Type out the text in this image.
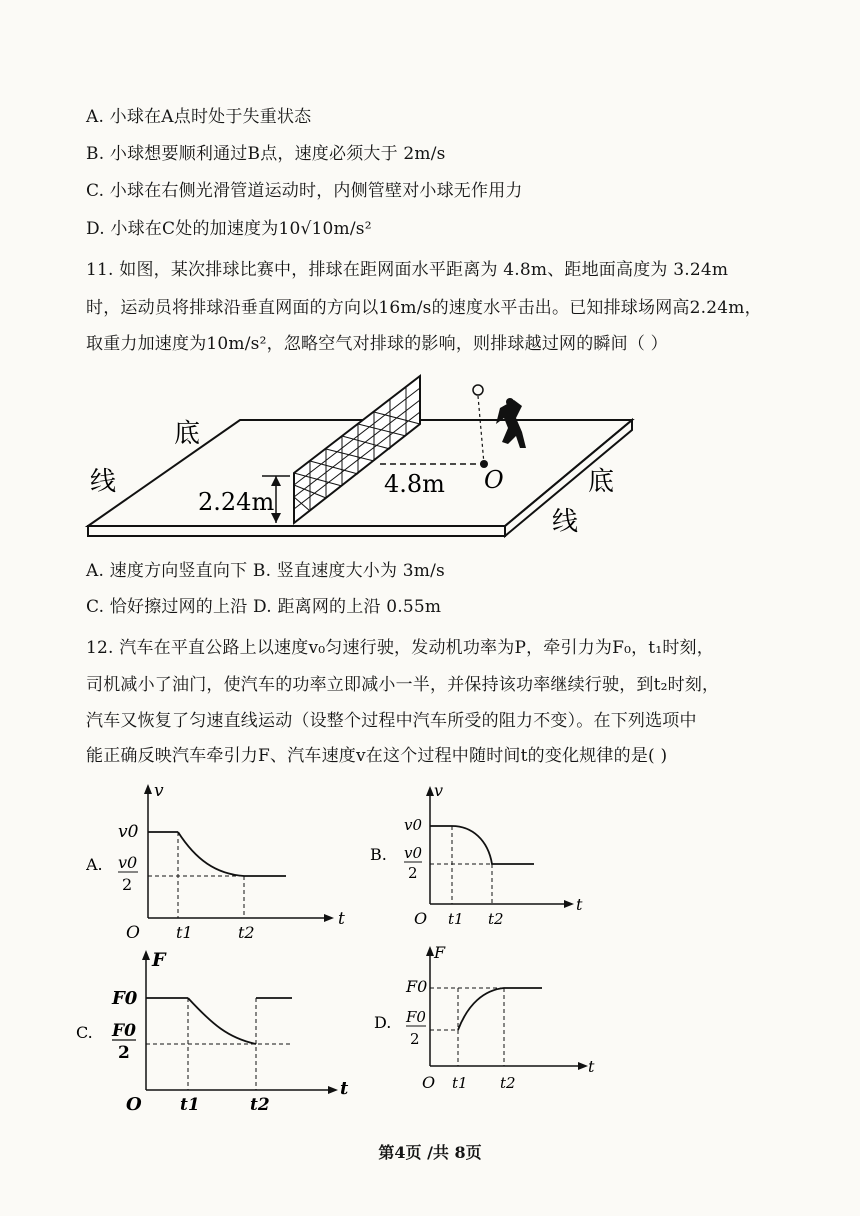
A. 小球在A点时处于失重状态
B. 小球想要顺利通过B点，速度必须大于 2m/s
C. 小球在右侧光滑管道运动时，内侧管壁对小球无作用力
D. 小球在C处的加速度为10√10m/s²
11. 如图，某次排球比赛中，排球在距网面水平距离为 4.8m、距地面高度为 3.24m
时，运动员将排球沿垂直网面的方向以16m/s的速度水平击出。已知排球场网高2.24m，
取重力加速度为10m/s²，忽略空气对排球的影响，则排球越过网的瞬间（ ）
底
线	底
线
2.24m
4.8m O
A. 速度方向竖直向下 B. 竖直速度大小为 3m/s
C. 恰好擦过网的上沿 D. 距离网的上沿 0.55m
12. 汽车在平直公路上以速度v₀匀速行驶，发动机功率为P，牵引力为F₀，t₁时刻，
司机减小了油门，使汽车的功率立即减小一半，并保持该功率继续行驶，到t₂时刻，
汽车又恢复了匀速直线运动（设整个过程中汽车所受的阻力不变）。在下列选项中
能正确反映汽车牵引力F、汽车速度v在这个过程中随时间t的变化规律的是( )
A.
v
t
v0
v0
2
O t1	t2
B.
v
t
v0
v0
2
O t1 t2
C.
F
t
F0
F0
2
O t1	t2
D.
F
t
F0
F0
2
O t1 t2
第4页 /共 8页
